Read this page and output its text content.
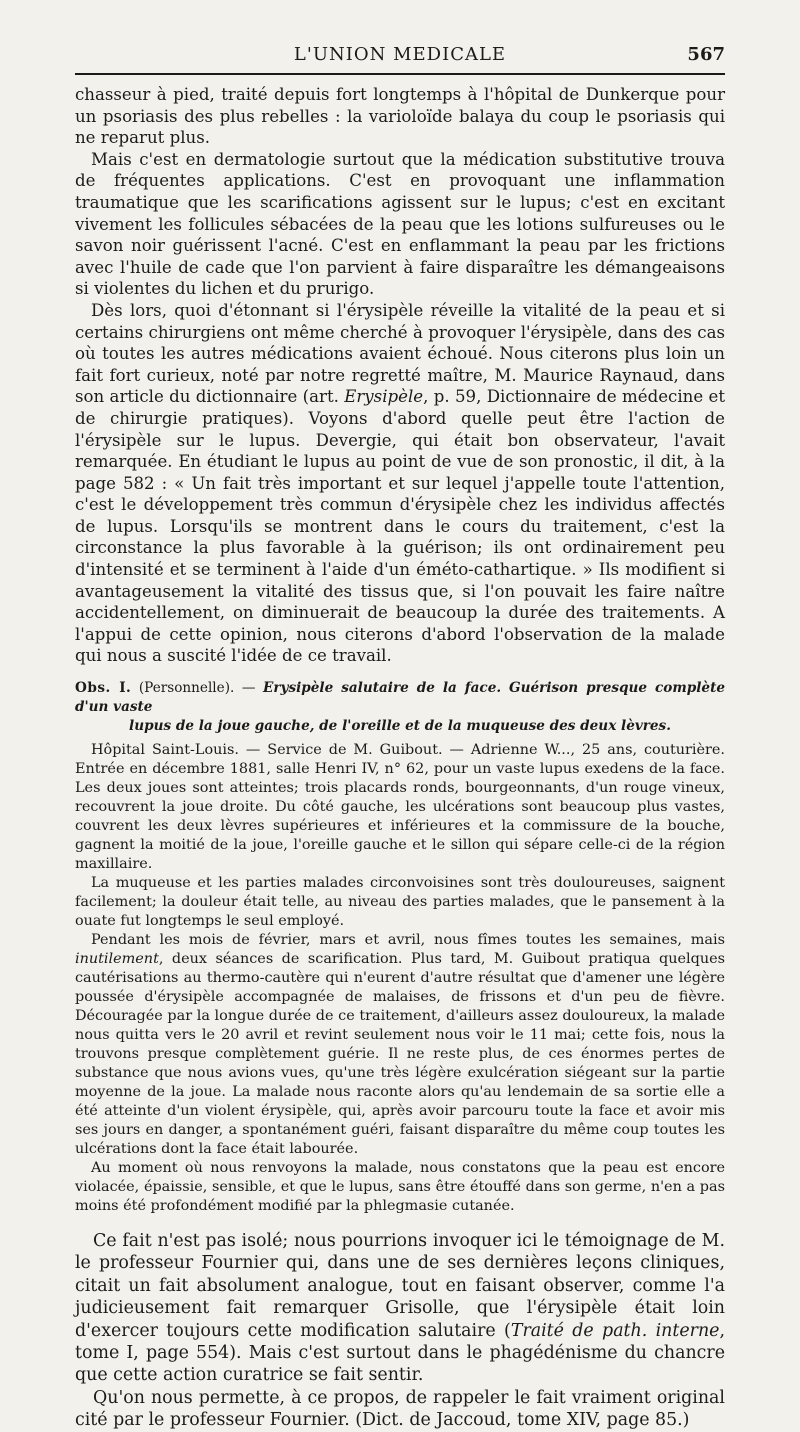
L'UNION MEDICALE	567

chasseur à pied, traité depuis fort longtemps à l'hôpital de Dunkerque pour un psoriasis des plus rebelles : la varioloïde balaya du coup le psoriasis qui ne reparut plus.

Mais c'est en dermatologie surtout que la médication substitutive trouva de fréquentes applications. C'est en provoquant une inflammation traumatique que les scarifications agissent sur le lupus; c'est en excitant vivement les follicules sébacées de la peau que les lotions sulfureuses ou le savon noir guérissent l'acné. C'est en enflammant la peau par les frictions avec l'huile de cade que l'on parvient à faire disparaître les démangeaisons si violentes du lichen et du prurigo.

Dès lors, quoi d'étonnant si l'érysipèle réveille la vitalité de la peau et si certains chirurgiens ont même cherché à provoquer l'érysipèle, dans des cas où toutes les autres médications avaient échoué. Nous citerons plus loin un fait fort curieux, noté par notre regretté maître, M. Maurice Raynaud, dans son article du dictionnaire (art. Erysipèle, p. 59, Dictionnaire de médecine et de chirurgie pratiques). Voyons d'abord quelle peut être l'action de l'érysipèle sur le lupus. Devergie, qui était bon observateur, l'avait remarquée. En étudiant le lupus au point de vue de son pronostic, il dit, à la page 582 : « Un fait très important et sur lequel j'appelle toute l'attention, c'est le développement très commun d'érysipèle chez les individus affectés de lupus. Lorsqu'ils se montrent dans le cours du traitement, c'est la circonstance la plus favorable à la guérison; ils ont ordinairement peu d'intensité et se terminent à l'aide d'un éméto-cathartique. » Ils modifient si avantageusement la vitalité des tissus que, si l'on pouvait les faire naître accidentellement, on diminuerait de beaucoup la durée des traitements. A l'appui de cette opinion, nous citerons d'abord l'observation de la malade qui nous a suscité l'idée de ce travail.

Obs. I. (Personnelle). — Erysipèle salutaire de la face. Guérison presque complète d'un vaste

lupus de la joue gauche, de l'oreille et de la muqueuse des deux lèvres.

Hôpital Saint-Louis. — Service de M. Guibout. — Adrienne W..., 25 ans, couturière. Entrée en décembre 1881, salle Henri IV, n° 62, pour un vaste lupus exedens de la face. Les deux joues sont atteintes; trois placards ronds, bourgeonnants, d'un rouge vineux, recouvrent la joue droite. Du côté gauche, les ulcérations sont beaucoup plus vastes, couvrent les deux lèvres supérieures et inférieures et la commissure de la bouche, gagnent la moitié de la joue, l'oreille gauche et le sillon qui sépare celle-ci de la région maxillaire.

La muqueuse et les parties malades circonvoisines sont très douloureuses, saignent facilement; la douleur était telle, au niveau des parties malades, que le pansement à la ouate fut longtemps le seul employé.

Pendant les mois de février, mars et avril, nous fîmes toutes les semaines, mais inutilement, deux séances de scarification. Plus tard, M. Guibout pratiqua quelques cautérisations au thermo-cautère qui n'eurent d'autre résultat que d'amener une légère poussée d'érysipèle accompagnée de malaises, de frissons et d'un peu de fièvre. Découragée par la longue durée de ce traitement, d'ailleurs assez douloureux, la malade nous quitta vers le 20 avril et revint seulement nous voir le 11 mai; cette fois, nous la trouvons presque complètement guérie. Il ne reste plus, de ces énormes pertes de substance que nous avions vues, qu'une très légère exulcération siégeant sur la partie moyenne de la joue. La malade nous raconte alors qu'au lendemain de sa sortie elle a été atteinte d'un violent érysipèle, qui, après avoir parcouru toute la face et avoir mis ses jours en danger, a spontanément guéri, faisant disparaître du même coup toutes les ulcérations dont la face était labourée.

Au moment où nous renvoyons la malade, nous constatons que la peau est encore violacée, épaissie, sensible, et que le lupus, sans être étouffé dans son germe, n'en a pas moins été profondément modifié par la phlegmasie cutanée.

Ce fait n'est pas isolé; nous pourrions invoquer ici le témoignage de M. le professeur Fournier qui, dans une de ses dernières leçons cliniques, citait un fait absolument analogue, tout en faisant observer, comme l'a judicieusement fait remarquer Grisolle, que l'érysipèle était loin d'exercer toujours cette modification salutaire (Traité de path. interne, tome I, page 554). Mais c'est surtout dans le phagédénisme du chancre que cette action curatrice se fait sentir.

Qu'on nous permette, à ce propos, de rappeler le fait vraiment original cité par le professeur Fournier. (Dict. de Jaccoud, tome XIV, page 85.)
